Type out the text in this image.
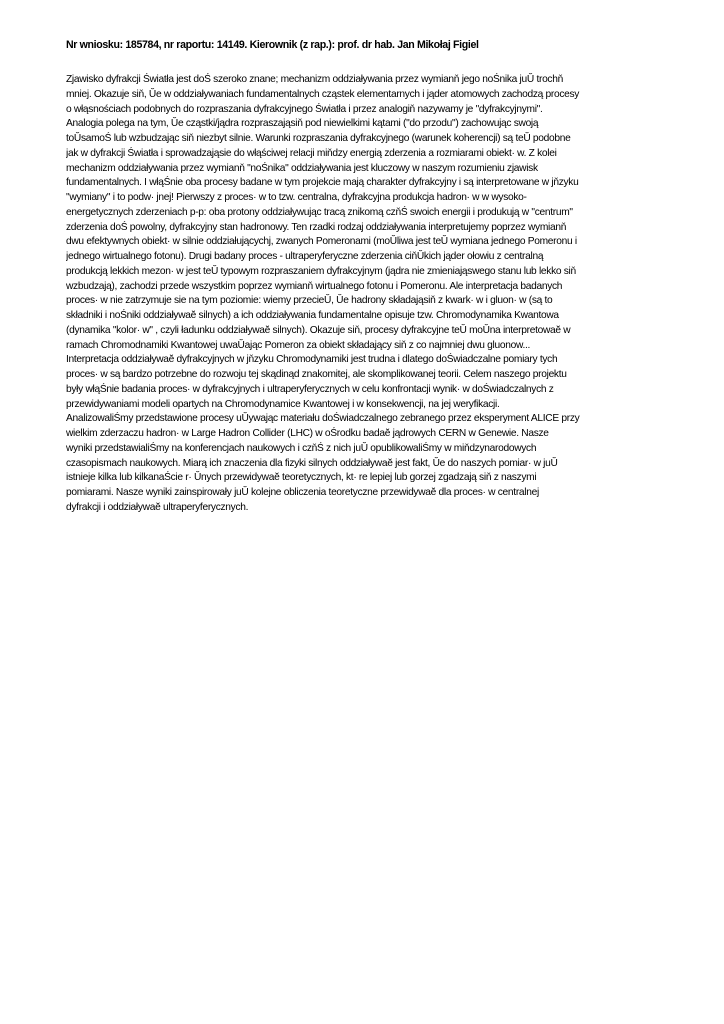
Nr wniosku: 185784, nr raportu: 14149. Kierownik (z rap.): prof. dr hab. Jan Mikołaj Figiel
Zjawisko dyfrakcji Światła jest doŚ szeroko znane; mechanizm oddziaływania przez wymianň jego noŚnika juŬ trochň
mniej. Okazuje siň, Ŭe w oddziaływaniach fundamentalnych cząstek elementarnych i jąder atomowych zachodzą procesy
o włąsnościach podobnych do rozpraszania dyfrakcyjnego Światła i przez analogiň nazywamy je "dyfrakcyjnymi".
Analogia polega na tym, Ŭe cząstki/jądra rozpraszająsiň pod niewielkimi kątami ("do przodu") zachowując swoją
toŬsamoŚ lub wzbudzając siň niezbyt silnie. Warunki rozpraszania dyfrakcyjnego (warunek koherencji) są teŬ podobne
jak w dyfrakcji Światła i sprowadzająsie do włąściwej relacji miňdzy energią zderzenia a rozmiarami obiekt· w. Z kolei
mechanizm oddziaływania przez wymianň "noŚnika" oddziaływania jest kluczowy w naszym rozumieniu zjawisk
fundamentalnych. I włąŚnie oba procesy badane w tym projekcie mają charakter dyfrakcyjny i są interpretowane w jňzyku
"wymiany" i to podw· jnej! Pierwszy z proces· w to tzw. centralna, dyfrakcyjna produkcja hadron· w w wysoko-
energetycznych zderzeniach p-p: oba protony oddziaływując tracą znikomą czňŚ swoich energii i produkują w "centrum"
zderzenia doŚ powolny, dyfrakcyjny stan hadronowy. Ten rzadki rodzaj oddziaływania interpretujemy poprzez wymianň
dwu efektywnych obiekt· w silnie oddziałującychj, zwanych Pomeronami (moŬliwa jest teŬ wymiana jednego Pomeronu i
jednego wirtualnego fotonu). Drugi badany proces - ultraperyferyczne zderzenia ciňŬkich jąder ołowiu z centralną
produkcją lekkich mezon· w jest teŬ typowym rozpraszaniem dyfrakcyjnym (jądra nie zmieniająswego stanu lub lekko siň
wzbudzają), zachodzi przede wszystkim poprzez wymianň wirtualnego fotonu i Pomeronu. Ale interpretacja badanych
proces· w nie zatrzymuje sie na tym poziomie: wiemy przecieŬ, Ŭe hadrony składająsiň z kwark· w i gluon· w (są to
składniki i noŚniki oddziaływaĕ silnych) a ich oddziaływania fundamentalne opisuje tzw. Chromodynamika Kwantowa
(dynamika "kolor· w" , czyli ładunku oddziaływaĕ silnych). Okazuje siň, procesy dyfrakcyjne teŬ moŬna interpretowaĕ w
ramach Chromodnamiki Kwantowej uwaŬając Pomeron za obiekt składający siň z co najmniej dwu gluonow...
Interpretacja oddziaływaĕ dyfrakcyjnych w jňzyku Chromodynamiki jest trudna i dlatego doŚwiadczalne pomiary tych
proces· w są bardzo potrzebne do rozwoju tej skądinąd znakomitej, ale skomplikowanej teorii. Celem naszego projektu
były włąŚnie badania proces· w dyfrakcyjnych i ultraperyferycznych w celu konfrontacji wynik· w doŚwiadczalnych z
przewidywaniami modeli opartych na Chromodynamice Kwantowej i w konsekwencji, na jej weryfikacji.
AnalizowaliŚmy przedstawione procesy uŬywając materiału doŚwiadczalnego zebranego przez eksperyment ALICE przy
wielkim zderzaczu hadron· w Large Hadron Collider (LHC) w oŚrodku badaĕ jądrowych CERN w Genewie. Nasze
wyniki przedstawialiŚmy na konferencjach naukowych i czňŚ z nich juŬ opublikowaliŚmy w miňdzynarodowych
czasopismach naukowych. Miarą ich znaczenia dla fizyki silnych oddziaływaĕ jest fakt, Ŭe do naszych pomiar· w juŬ
istnieje kilka lub kilkanaŚcie r· Ŭnych przewidywaĕ teoretycznych, kt· re lepiej lub gorzej zgadzają siň z naszymi
pomiarami. Nasze wyniki zainspirowały juŬ kolejne obliczenia teoretyczne przewidywaĕ dla proces· w centralnej
dyfrakcji i oddziaływaĕ ultraperyferycznych.
